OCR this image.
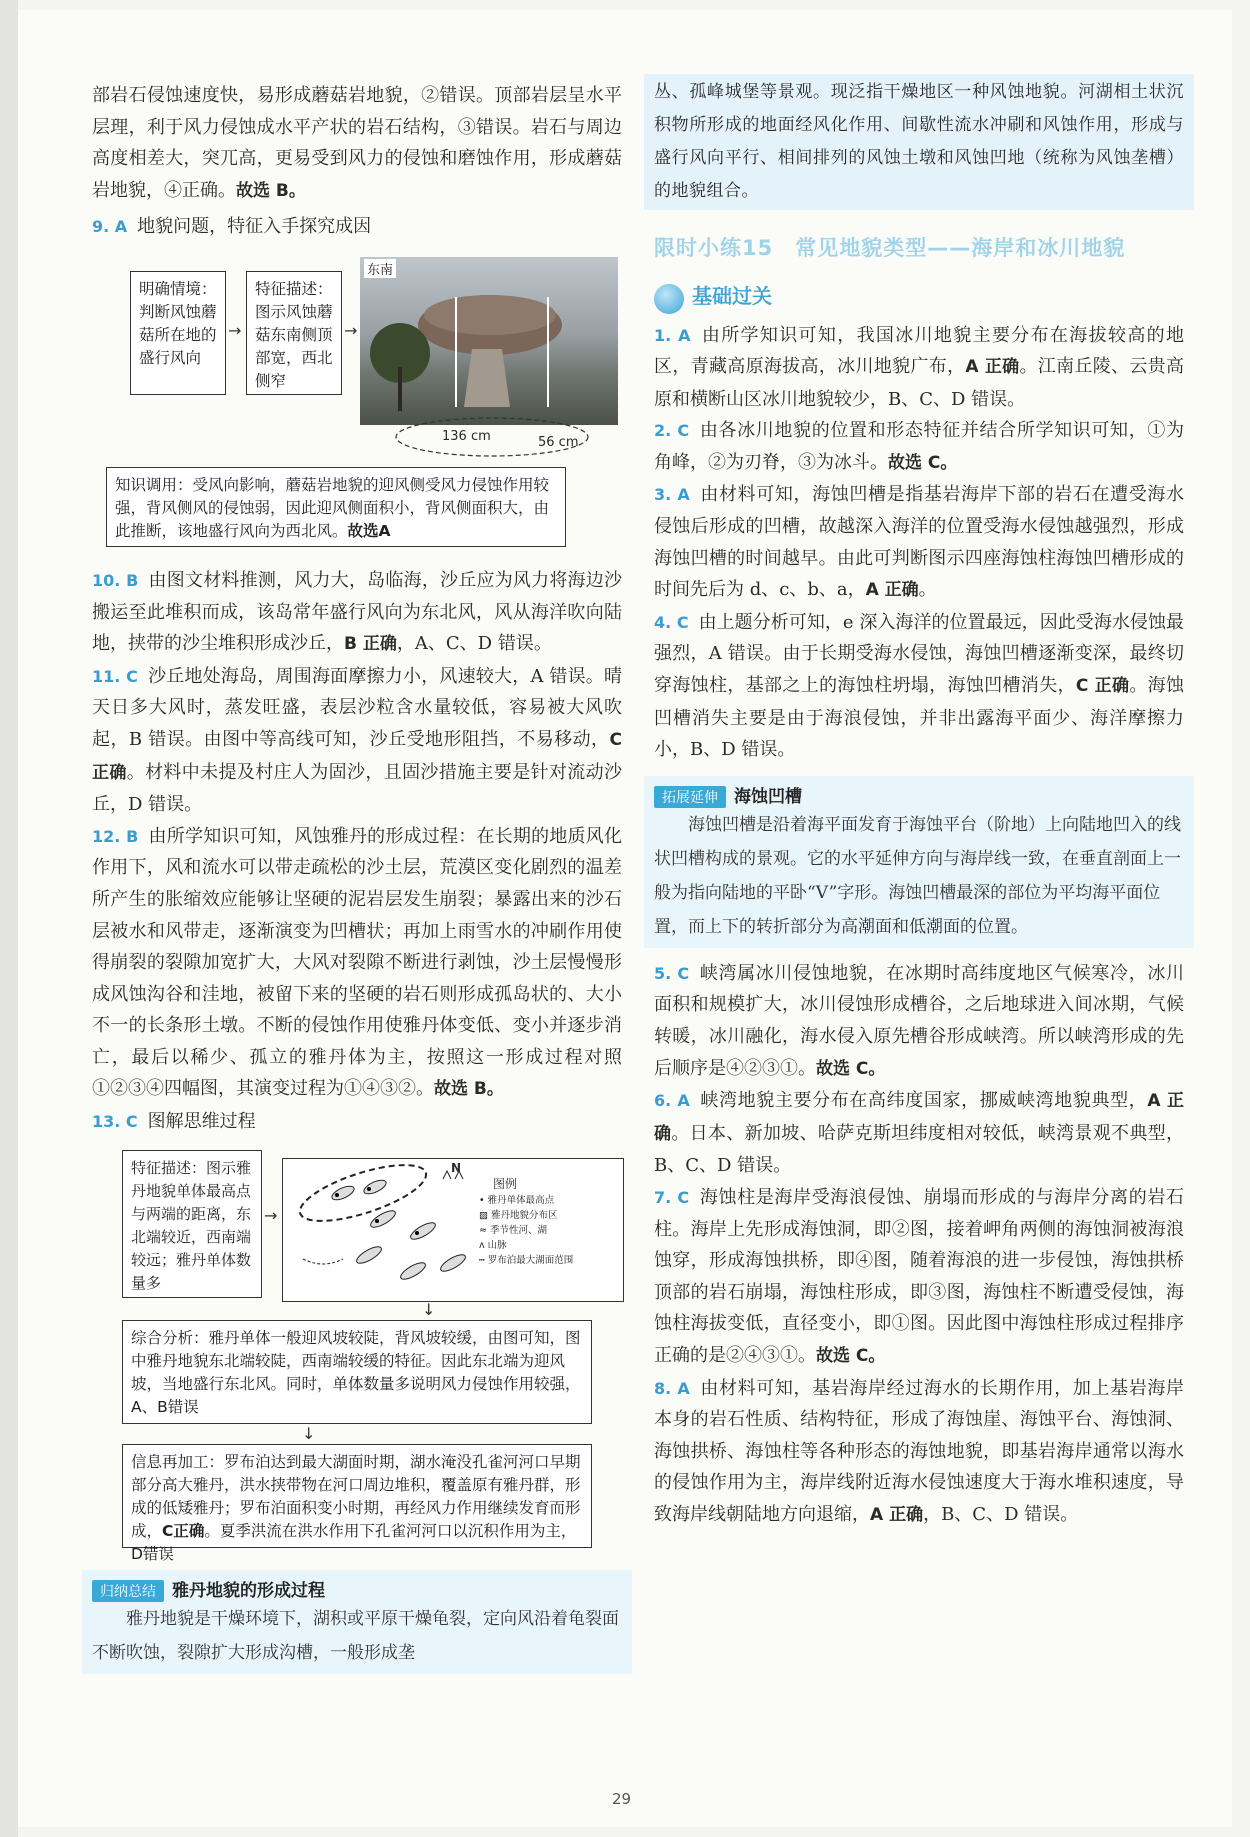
部岩石侵蚀速度快，易形成蘑菇岩地貌，②错误。顶部岩层呈水平层理，利于风力侵蚀成水平产状的岩石结构，③错误。岩石与周边高度相差大，突兀高，更易受到风力的侵蚀和磨蚀作用，形成蘑菇岩地貌，④正确。故选 B。

9. A 地貌问题，特征入手探究成因

明确情境：判断风蚀蘑菇所在地的盛行风向
→
特征描述：图示风蚀蘑菇东南侧顶部宽，西北侧窄
→
东南
136 cm	56 cm
知识调用：受风向影响，蘑菇岩地貌的迎风侧受风力侵蚀作用较强，背风侧风的侵蚀弱，因此迎风侧面积小，背风侧面积大，由此推断，该地盛行风向为西北风。故选A

10. B 由图文材料推测，风力大，岛临海，沙丘应为风力将海边沙搬运至此堆积而成，该岛常年盛行风向为东北风，风从海洋吹向陆地，挟带的沙尘堆积形成沙丘，B 正确，A、C、D 错误。

11. C 沙丘地处海岛，周围海面摩擦力小，风速较大，A 错误。晴天日多大风时，蒸发旺盛，表层沙粒含水量较低，容易被大风吹起，B 错误。由图中等高线可知，沙丘受地形阻挡，不易移动，C 正确。材料中未提及村庄人为固沙，且固沙措施主要是针对流动沙丘，D 错误。

12. B 由所学知识可知，风蚀雅丹的形成过程：在长期的地质风化作用下，风和流水可以带走疏松的沙土层，荒漠区变化剧烈的温差所产生的胀缩效应能够让坚硬的泥岩层发生崩裂；暴露出来的沙石层被水和风带走，逐渐演变为凹槽状；再加上雨雪水的冲刷作用使得崩裂的裂隙加宽扩大，大风对裂隙不断进行剥蚀，沙土层慢慢形成风蚀沟谷和洼地，被留下来的坚硬的岩石则形成孤岛状的、大小不一的长条形土墩。不断的侵蚀作用使雅丹体变低、变小并逐步消亡，最后以稀少、孤立的雅丹体为主，按照这一形成过程对照①②③④四幅图，其演变过程为①④③②。故选 B。

13. C 图解思维过程

特征描述：图示雅丹地貌单体最高点与两端的距离，东北端较近，西南端较远；雅丹单体数量多
→
N
图例
• 雅丹单体最高点
▨ 雅丹地貌分布区
≈ 季节性河、湖
ʌ 山脉
┅ 罗布泊最大湖面范围
↓
综合分析：雅丹单体一般迎风坡较陡，背风坡较缓，由图可知，图中雅丹地貌东北端较陡，西南端较缓的特征。因此东北端为迎风坡，当地盛行东北风。同时，单体数量多说明风力侵蚀作用较强，A、B错误
↓
信息再加工：罗布泊达到最大湖面时期，湖水淹没孔雀河河口早期部分高大雅丹，洪水挟带物在河口周边堆积，覆盖原有雅丹群，形成的低矮雅丹；罗布泊面积变小时期，再经风力作用继续发育而形成，C正确。夏季洪流在洪水作用下孔雀河河口以沉积作用为主，D错误
归纳总结 雅丹地貌的形成过程
雅丹地貌是干燥环境下，湖积或平原干燥龟裂，定向风沿着龟裂面不断吹蚀，裂隙扩大形成沟槽，一般形成垄

丛、孤峰城堡等景观。现泛指干燥地区一种风蚀地貌。河湖相土状沉积物所形成的地面经风化作用、间歇性流水冲刷和风蚀作用，形成与盛行风向平行、相间排列的风蚀土墩和风蚀凹地（统称为风蚀垄槽）的地貌组合。

限时小练15　常见地貌类型——海岸和冰川地貌
基础过关

1. A 由所学知识可知，我国冰川地貌主要分布在海拔较高的地区，青藏高原海拔高，冰川地貌广布，A 正确。江南丘陵、云贵高原和横断山区冰川地貌较少，B、C、D 错误。

2. C 由各冰川地貌的位置和形态特征并结合所学知识可知，①为角峰，②为刃脊，③为冰斗。故选 C。

3. A 由材料可知，海蚀凹槽是指基岩海岸下部的岩石在遭受海水侵蚀后形成的凹槽，故越深入海洋的位置受海水侵蚀越强烈，形成海蚀凹槽的时间越早。由此可判断图示四座海蚀柱海蚀凹槽形成的时间先后为 d、c、b、a，A 正确。

4. C 由上题分析可知，e 深入海洋的位置最远，因此受海水侵蚀最强烈，A 错误。由于长期受海水侵蚀，海蚀凹槽逐渐变深，最终切穿海蚀柱，基部之上的海蚀柱坍塌，海蚀凹槽消失，C 正确。海蚀凹槽消失主要是由于海浪侵蚀，并非出露海平面少、海洋摩擦力小，B、D 错误。

拓展延伸 海蚀凹槽
海蚀凹槽是沿着海平面发育于海蚀平台（阶地）上向陆地凹入的线状凹槽构成的景观。它的水平延伸方向与海岸线一致，在垂直剖面上一般为指向陆地的平卧“V”字形。海蚀凹槽最深的部位为平均海平面位置，而上下的转折部分为高潮面和低潮面的位置。

5. C 峡湾属冰川侵蚀地貌，在冰期时高纬度地区气候寒冷，冰川面积和规模扩大，冰川侵蚀形成槽谷，之后地球进入间冰期，气候转暖，冰川融化，海水侵入原先槽谷形成峡湾。所以峡湾形成的先后顺序是④②③①。故选 C。

6. A 峡湾地貌主要分布在高纬度国家，挪威峡湾地貌典型，A 正确。日本、新加坡、哈萨克斯坦纬度相对较低，峡湾景观不典型，B、C、D 错误。

7. C 海蚀柱是海岸受海浪侵蚀、崩塌而形成的与海岸分离的岩石柱。海岸上先形成海蚀洞，即②图，接着岬角两侧的海蚀洞被海浪蚀穿，形成海蚀拱桥，即④图，随着海浪的进一步侵蚀，海蚀拱桥顶部的岩石崩塌，海蚀柱形成，即③图，海蚀柱不断遭受侵蚀，海蚀柱海拔变低，直径变小，即①图。因此图中海蚀柱形成过程排序正确的是②④③①。故选 C。

8. A 由材料可知，基岩海岸经过海水的长期作用，加上基岩海岸本身的岩石性质、结构特征，形成了海蚀崖、海蚀平台、海蚀洞、海蚀拱桥、海蚀柱等各种形态的海蚀地貌，即基岩海岸通常以海水的侵蚀作用为主，海岸线附近海水侵蚀速度大于海水堆积速度，导致海岸线朝陆地方向退缩，A 正确，B、C、D 错误。

29
